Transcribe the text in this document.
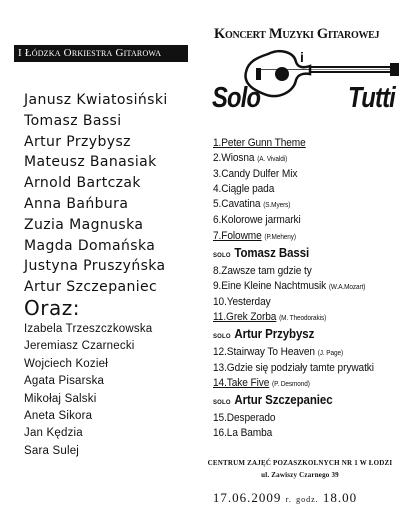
I Łódzka Orkiestra Gitarowa
Janusz Kwiatosiński
Tomasz Bassi
Artur Przybysz
Mateusz Banasiak
Arnold Bartczak
Anna Bańbura
Zuzia Magnuska
Magda Domańska
Justyna Pruszyńska
Artur Szczepaniec
Oraz:
Izabela Trzeszczkowska
Jeremiasz Czarnecki
Wojciech Kozieł
Agata Pisarska
Mikołaj Salski
Aneta Sikora
Jan Kędzia
Sara Sulej
Koncert Muzyki Gitarowej
i
Solo	Tutti
1.Peter Gunn Theme
2.Wiosna (A. Vivaldi)
3.Candy Dulfer Mix
4.Ciągle pada
5.Cavatina (S.Myers)
6.Kolorowe jarmarki
7.Folowme (P.Meheny)
SOLO Tomasz Bassi
8.Zawsze tam gdzie ty
9.Eine Kleine Nachtmusik (W.A.Mozart)
10.Yesterday
11.Grek Zorba (M. Theodorakis)
SOLO Artur Przybysz
12.Stairway To Heaven (J. Page)
13.Gdzie się podziały tamte prywatki
14.Take Five (P. Desmond)
SOLO Artur Szczepaniec
15.Desperado
16.La Bamba
CENTRUM ZAJĘĆ POZASZKOLNYCH NR 1 W ŁODZI
ul. Zawiszy Czarnego 39
17.06.2009 r. godz. 18.00
